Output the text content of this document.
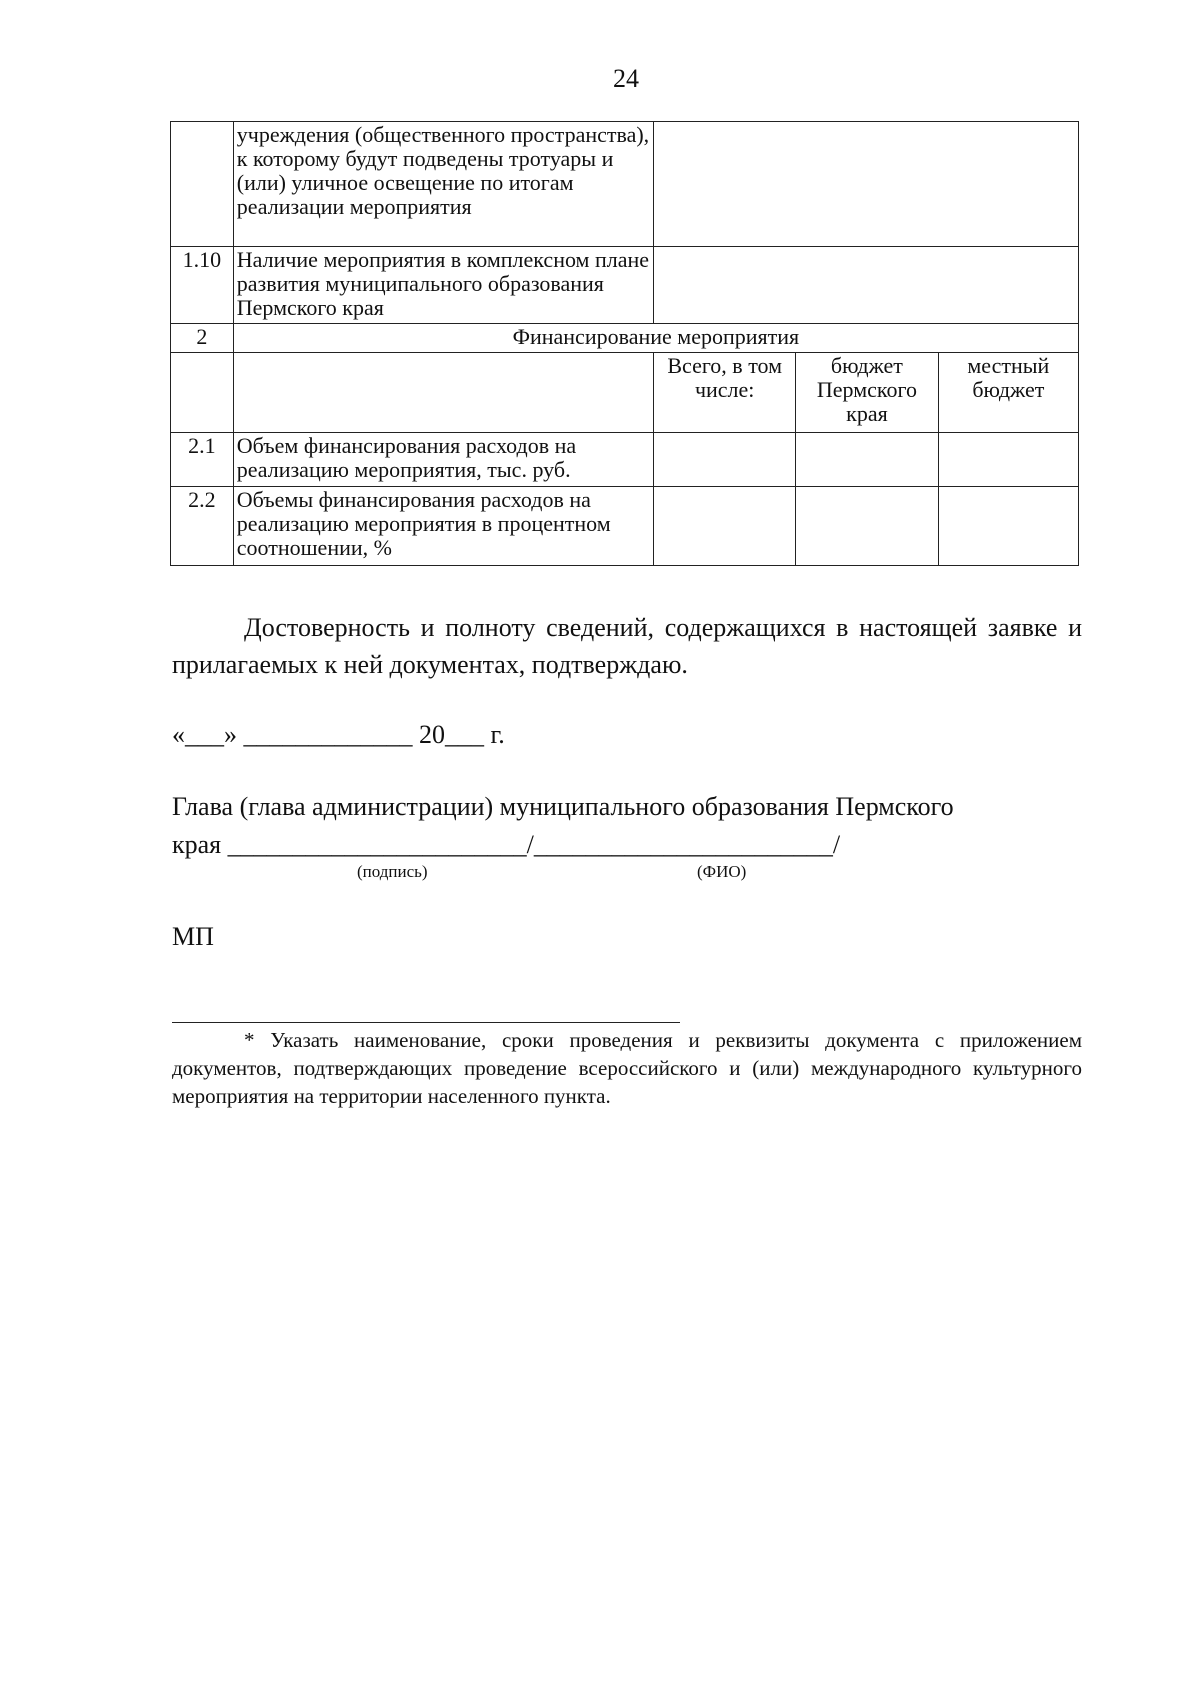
24
	учреждения (общественного пространства), к которому будут подведены тротуары и (или) уличное освещение по итогам реализации мероприятия			
1.10	Наличие мероприятия в комплексном плане развития муниципального образования Пермского края			
2	Финансирование мероприятия			
		Всего, в том числе:	бюджет Пермского края	местный бюджет
2.1	Объем финансирования расходов на реализацию мероприятия, тыс. руб.			
2.2	Объемы финансирования расходов на реализацию мероприятия в процентном соотношении, %			
Достоверность и полноту сведений, содержащихся в настоящей заявке и прилагаемых к ней документах, подтверждаю.
«___» _____________ 20___ г.
Глава (глава администрации) муниципального образования Пермского
края _______________________/_______________________/
(подпись)	(ФИО)
МП
* Указать наименование, сроки проведения и реквизиты документа с приложением документов, подтверждающих проведение всероссийского и (или) международного культурного мероприятия на территории населенного пункта.
